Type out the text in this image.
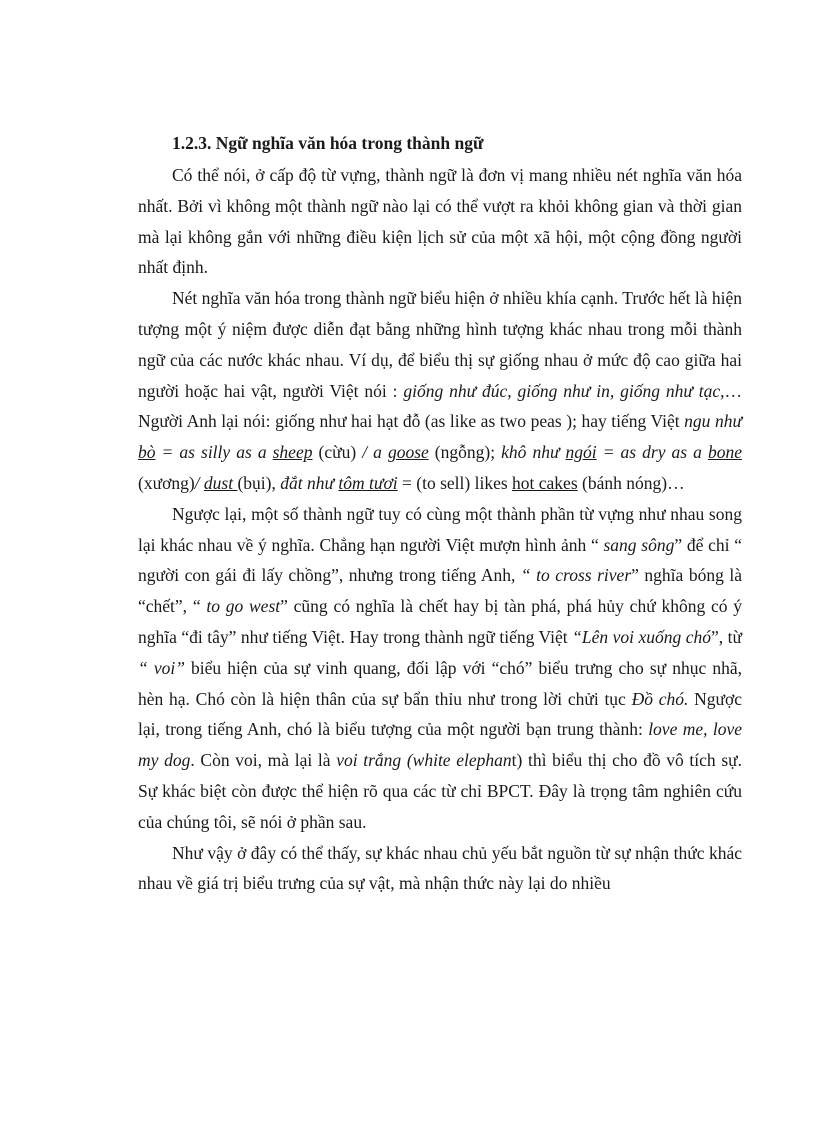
1.2.3. Ngữ nghĩa văn hóa trong thành ngữ

Có thể nói, ở cấp độ từ vựng, thành ngữ là đơn vị mang nhiều nét nghĩa văn hóa nhất. Bởi vì không một thành ngữ nào lại có thể vượt ra khỏi không gian và thời gian mà lại không gắn với những điều kiện lịch sử của một xã hội, một cộng đồng người nhất định.

Nét nghĩa văn hóa trong thành ngữ biểu hiện ở nhiều khía cạnh. Trước hết là hiện tượng một ý niệm được diễn đạt bằng những hình tượng khác nhau trong mỗi thành ngữ của các nước khác nhau. Ví dụ, để biểu thị sự giống nhau ở mức độ cao giữa hai người hoặc hai vật, người Việt nói : giống như đúc, giống như in, giống như tạc,…Người Anh lại nói: giống như hai hạt đỗ (as like as two peas ); hay tiếng Việt ngu như bò = as silly as a sheep (cừu) / a goose (ngỗng); khô như ngói = as dry as a bone (xương)/ dust (bụi), đắt như tôm tươi = (to sell) likes hot cakes (bánh nóng)…

Ngược lại, một số thành ngữ tuy có cùng một thành phần từ vựng như nhau song lại khác nhau về ý nghĩa. Chẳng hạn người Việt mượn hình ảnh “ sang sông” để chỉ “ người con gái đi lấy chồng”, nhưng trong tiếng Anh, “ to cross river” nghĩa bóng là “chết”, “ to go west” cũng có nghĩa là chết hay bị tàn phá, phá hủy chứ không có ý nghĩa “đi tây” như tiếng Việt. Hay trong thành ngữ tiếng Việt “Lên voi xuống chó”, từ “ voi” biểu hiện của sự vinh quang, đối lập với “chó” biểu trưng cho sự nhục nhã, hèn hạ. Chó còn là hiện thân của sự bẩn thỉu như trong lời chửi tục Đồ chó. Ngược lại, trong tiếng Anh, chó là biểu tượng của một người bạn trung thành: love me, love my dog. Còn voi, mà lại là voi trắng (white elephant) thì biểu thị cho đồ vô tích sự. Sự khác biệt còn được thể hiện rõ qua các từ chỉ BPCT. Đây là trọng tâm nghiên cứu của chúng tôi, sẽ nói ở phần sau.

Như vậy ở đây có thể thấy, sự khác nhau chủ yếu bắt nguồn từ sự nhận thức khác nhau về giá trị biểu trưng của sự vật, mà nhận thức này lại do nhiều
